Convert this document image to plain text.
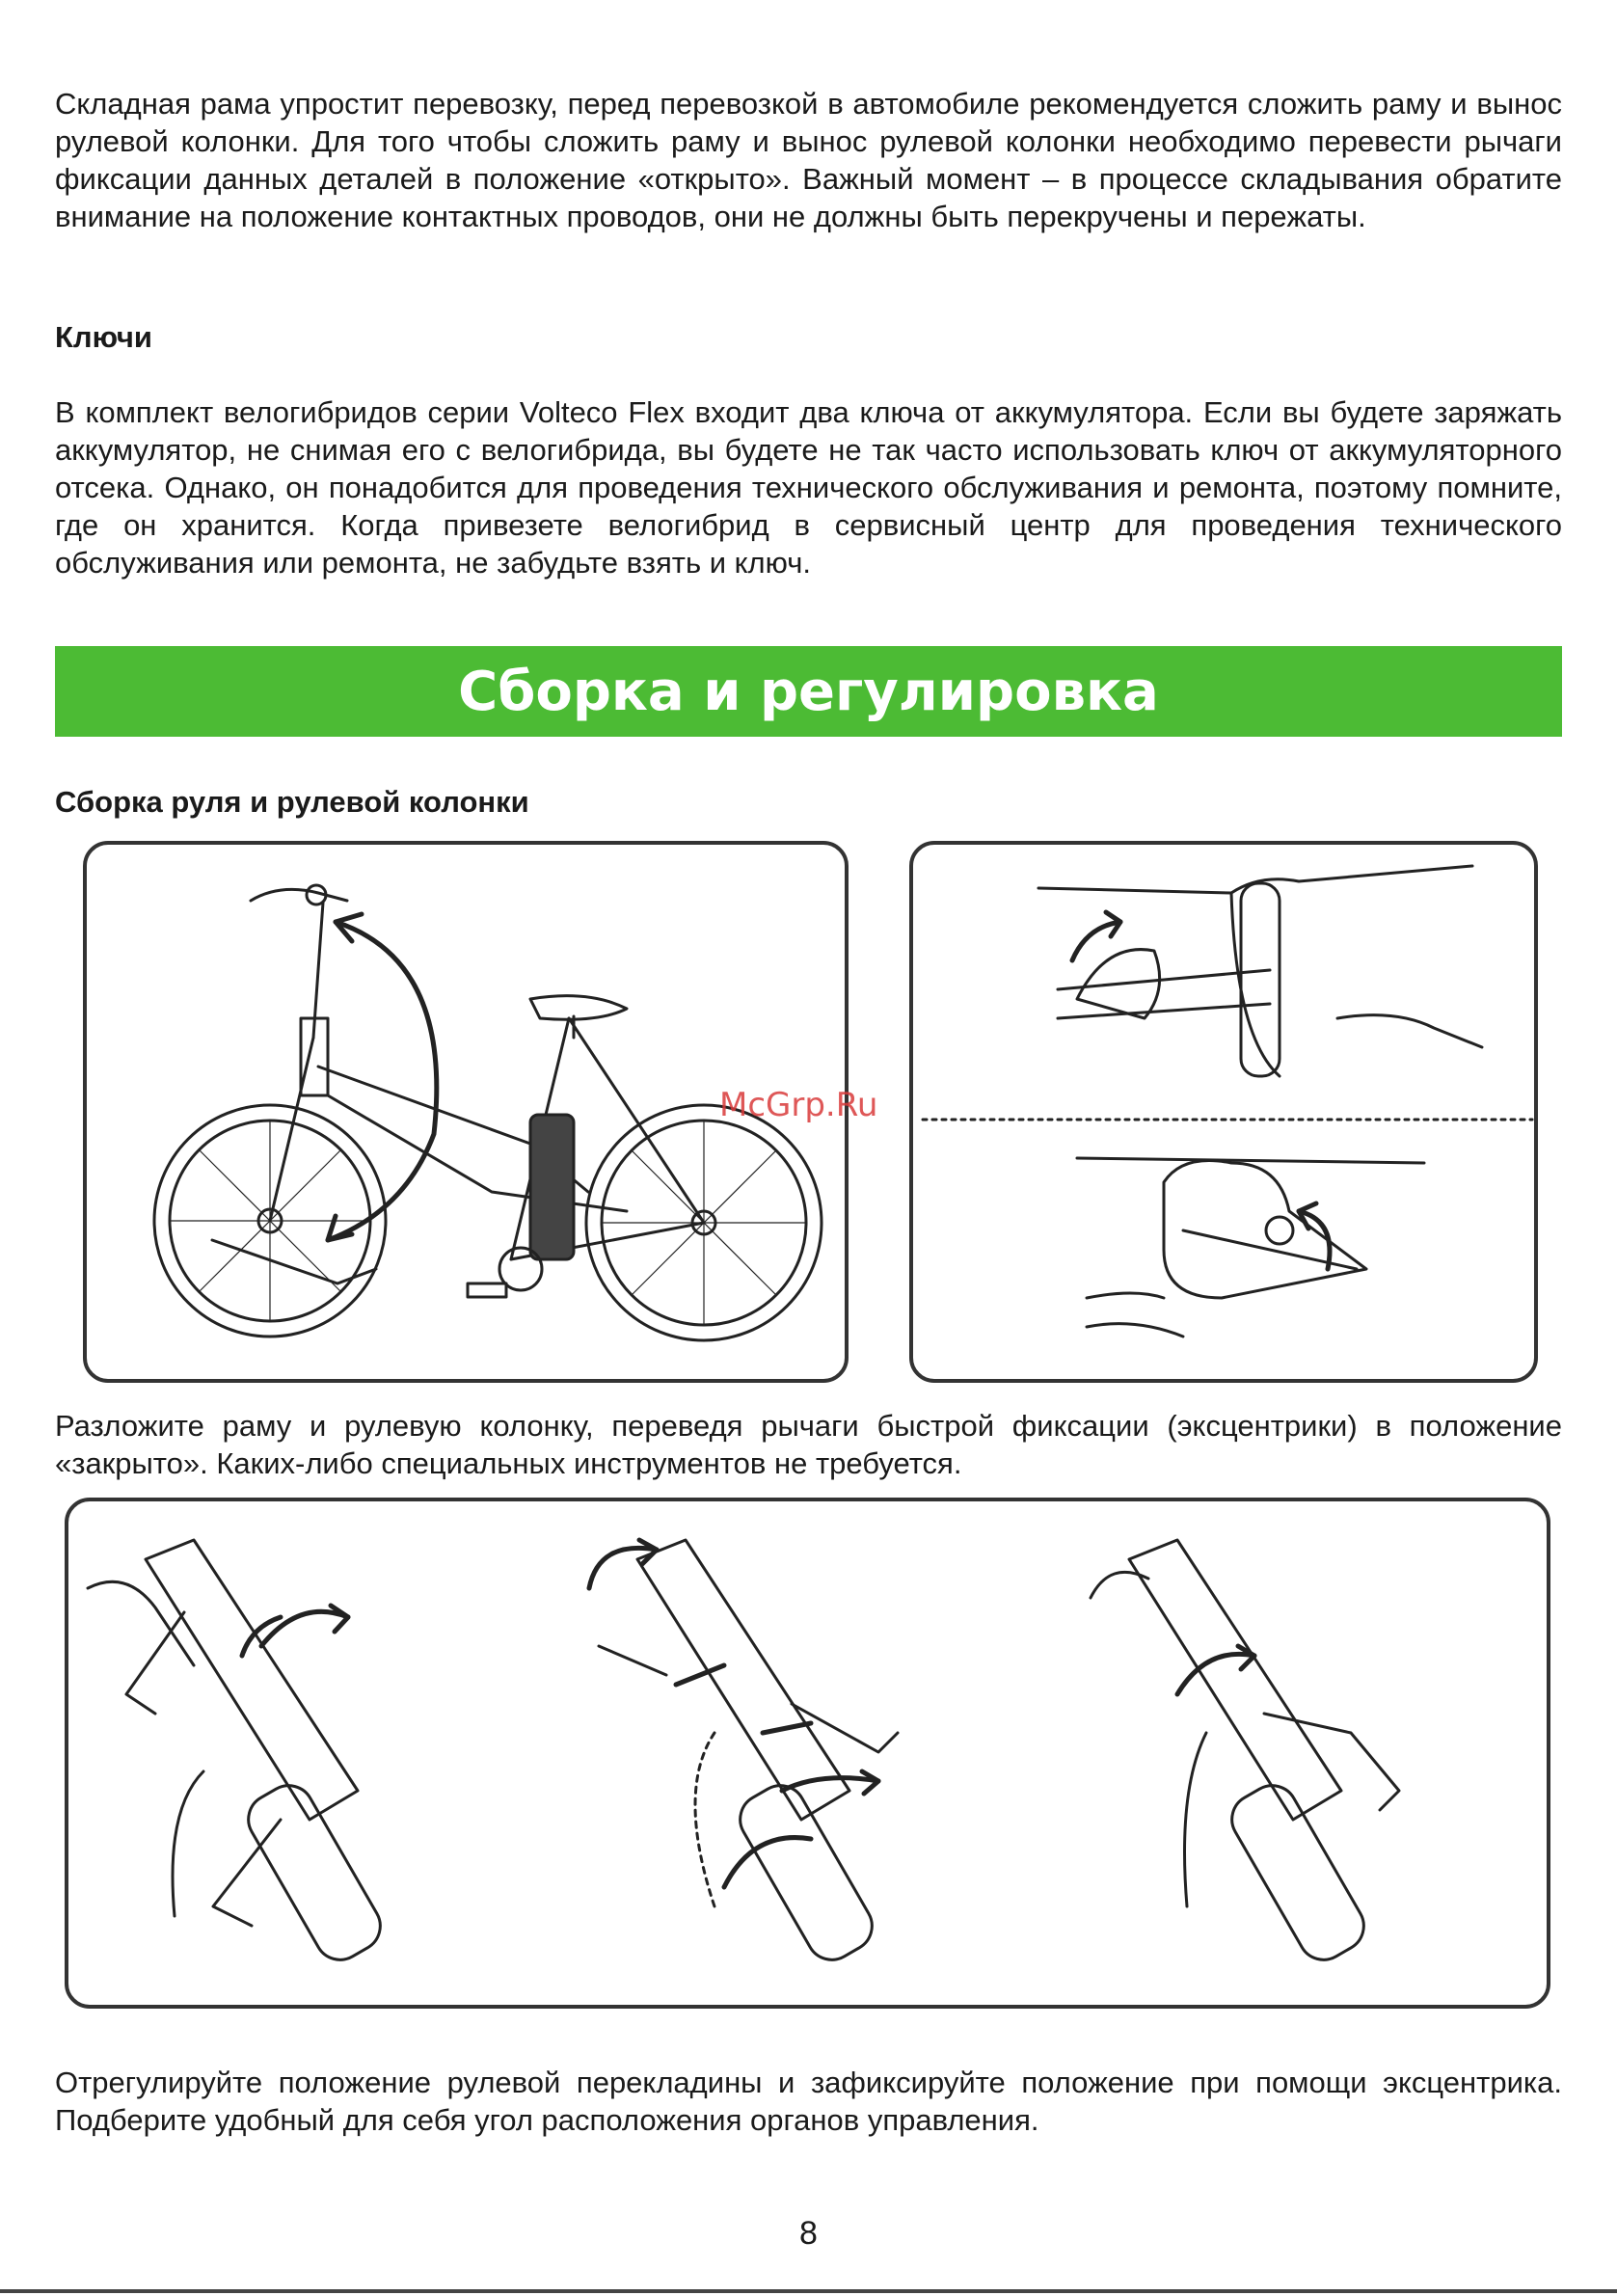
Складная рама упростит перевозку, перед перевозкой в автомобиле рекомендуется сложить раму и вынос рулевой колонки. Для того чтобы сложить раму и вынос рулевой колонки необходимо перевести рычаги фиксации данных деталей в положение «открыто». Важный момент – в процессе складывания обратите внимание на положение контактных проводов, они не должны быть перекручены и пережаты.

Ключи

В комплект велогибридов серии Volteco Flex входит два ключа от аккумулятора. Если вы будете заряжать аккумулятор, не снимая его с велогибрида, вы будете не так часто использовать ключ от аккумуляторного отсека. Однако, он понадобится для проведения технического обслуживания и ремонта, поэтому помните, где он хранится. Когда привезете велогибрид в сервисный центр для проведения технического обслуживания или ремонта, не забудьте взять и ключ.

Сборка и регулировка
Сборка руля и рулевой колонки
McGrp.Ru

Разложите раму и рулевую колонку, переведя рычаги быстрой фиксации (эксцентрики) в положение «закрыто». Каких-либо специальных инструментов не требуется.

Отрегулируйте положение рулевой перекладины и зафиксируйте положение при помощи эксцентрика. Подберите удобный для себя угол расположения органов управления.

8
